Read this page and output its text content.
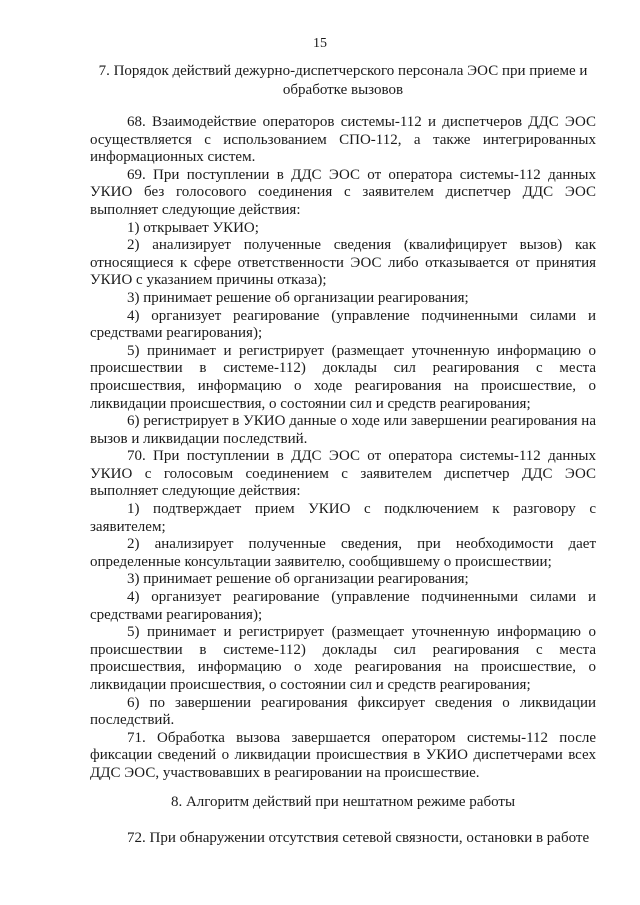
15
7. Порядок действий дежурно-диспетчерского персонала ЭОС при приеме и обработке вызовов

68. Взаимодействие операторов системы-112 и диспетчеров ДДС ЭОС осуществляется с использованием СПО-112, а также интегрированных информационных систем.

69. При поступлении в ДДС ЭОС от оператора системы-112 данных УКИО без голосового соединения с заявителем диспетчер ДДС ЭОС выполняет следующие действия:

1) открывает УКИО;

2) анализирует полученные сведения (квалифицирует вызов) как относящиеся к сфере ответственности ЭОС либо отказывается от принятия УКИО с указанием причины отказа);

3) принимает решение об организации реагирования;

4) организует реагирование (управление подчиненными силами и средствами реагирования);

5) принимает и регистрирует (размещает уточненную информацию о происшествии в системе-112) доклады сил реагирования с места происшествия, информацию о ходе реагирования на происшествие, о ликвидации происшествия, о состоянии сил и средств реагирования;

6) регистрирует в УКИО данные о ходе или завершении реагирования на вызов и ликвидации последствий.

70. При поступлении в ДДС ЭОС от оператора системы-112 данных УКИО с голосовым соединением с заявителем диспетчер ДДС ЭОС выполняет следующие действия:

1) подтверждает прием УКИО с подключением к разговору с заявителем;

2) анализирует полученные сведения, при необходимости дает определенные консультации заявителю, сообщившему о происшествии;

3) принимает решение об организации реагирования;

4) организует реагирование (управление подчиненными силами и средствами реагирования);

5) принимает и регистрирует (размещает уточненную информацию о происшествии в системе-112) доклады сил реагирования с места происшествия, информацию о ходе реагирования на происшествие, о ликвидации происшествия, о состоянии сил и средств реагирования;

6) по завершении реагирования фиксирует сведения о ликвидации последствий.

71. Обработка вызова завершается оператором системы-112 после фиксации сведений о ликвидации происшествия в УКИО диспетчерами всех ДДС ЭОС, участвовавших в реагировании на происшествие.

8. Алгоритм действий при нештатном режиме работы

72. При обнаружении отсутствия сетевой связности, остановки в работе
